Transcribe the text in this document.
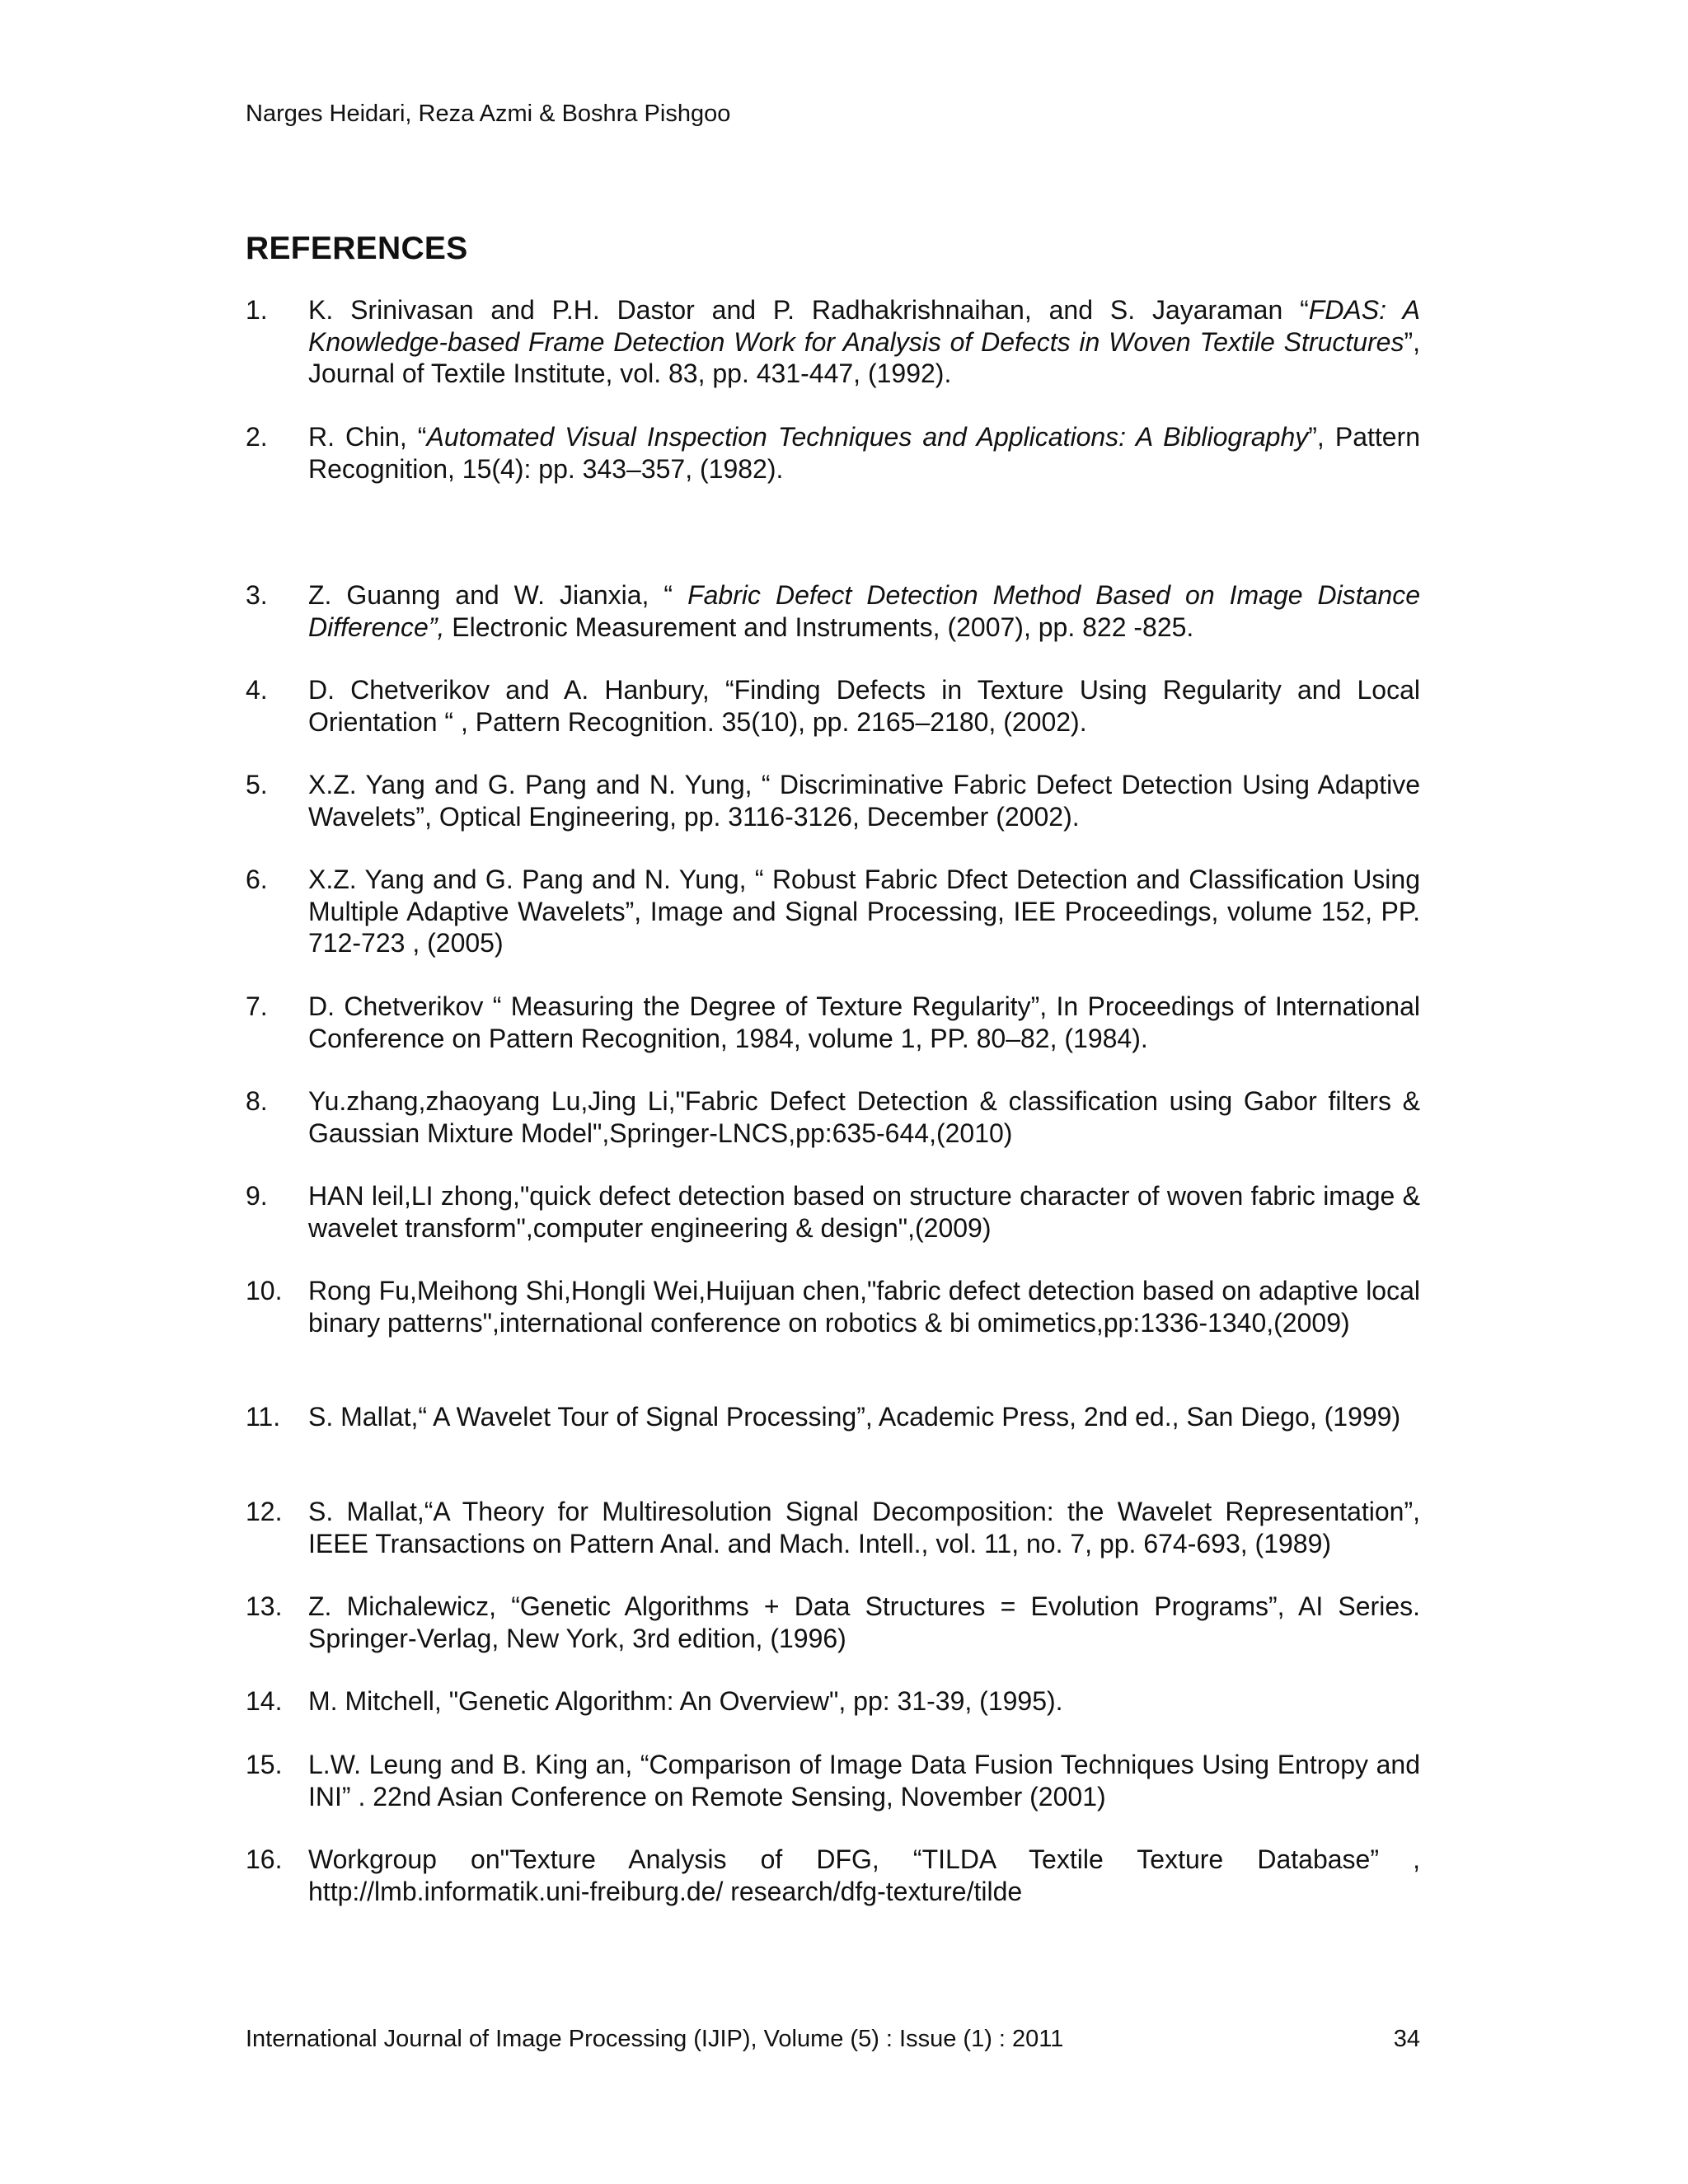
Narges Heidari, Reza Azmi & Boshra Pishgoo
REFERENCES
1. K. Srinivasan and P.H. Dastor and P. Radhakrishnaihan, and S. Jayaraman “FDAS: A Knowledge-based Frame Detection Work for Analysis of Defects in Woven Textile Structures”, Journal of Textile Institute, vol. 83, pp. 431-447, (1992).
2. R. Chin, “Automated Visual Inspection Techniques and Applications: A Bibliography”, Pattern Recognition, 15(4): pp. 343–357, (1982).
3. Z. Guanng and W. Jianxia, “ Fabric Defect Detection Method Based on Image Distance Difference”, Electronic Measurement and Instruments, (2007), pp. 822 -825.
4. D. Chetverikov and A. Hanbury, “Finding Defects in Texture Using Regularity and Local Orientation “ , Pattern Recognition. 35(10), pp. 2165–2180, (2002).
5. X.Z. Yang and G. Pang and N. Yung, “ Discriminative Fabric Defect Detection Using Adaptive Wavelets”, Optical Engineering, pp. 3116-3126, December (2002).
6. X.Z. Yang and G. Pang and N. Yung, “ Robust Fabric Dfect Detection and Classification Using Multiple Adaptive Wavelets”, Image and Signal Processing, IEE Proceedings, volume 152, PP. 712-723 , (2005)
7. D. Chetverikov “ Measuring the Degree of Texture Regularity”, In Proceedings of International Conference on Pattern Recognition, 1984, volume 1, PP. 80–82, (1984).
8. Yu.zhang,zhaoyang Lu,Jing Li,"Fabric Defect Detection & classification using Gabor filters & Gaussian Mixture Model",Springer-LNCS,pp:635-644,(2010)
9. HAN leil,LI zhong,"quick defect detection based on structure character of woven fabric image & wavelet transform",computer engineering & design",(2009)
10. Rong Fu,Meihong Shi,Hongli Wei,Huijuan chen,"fabric defect detection based on adaptive local binary patterns",international conference on robotics & bi omimetics,pp:1336-1340,(2009)
11. S. Mallat,“ A Wavelet Tour of Signal Processing”, Academic Press, 2nd ed., San Diego, (1999)
12. S. Mallat,“A Theory for Multiresolution Signal Decomposition: the Wavelet Representation”, IEEE Transactions on Pattern Anal. and Mach. Intell., vol. 11, no. 7, pp. 674-693, (1989)
13. Z. Michalewicz, “Genetic Algorithms + Data Structures = Evolution Programs”, AI Series. Springer-Verlag, New York, 3rd edition, (1996)
14. M. Mitchell, "Genetic Algorithm: An Overview", pp: 31-39, (1995).
15. L.W. Leung and B. King an, “Comparison of Image Data Fusion Techniques Using Entropy and INI” . 22nd Asian Conference on Remote Sensing, November (2001)
16. Workgroup on"Texture Analysis of DFG, “TILDA Textile Texture Database” , http://lmb.informatik.uni-freiburg.de/ research/dfg-texture/tilde
International Journal of Image Processing (IJIP), Volume (5) : Issue (1) : 2011	34
